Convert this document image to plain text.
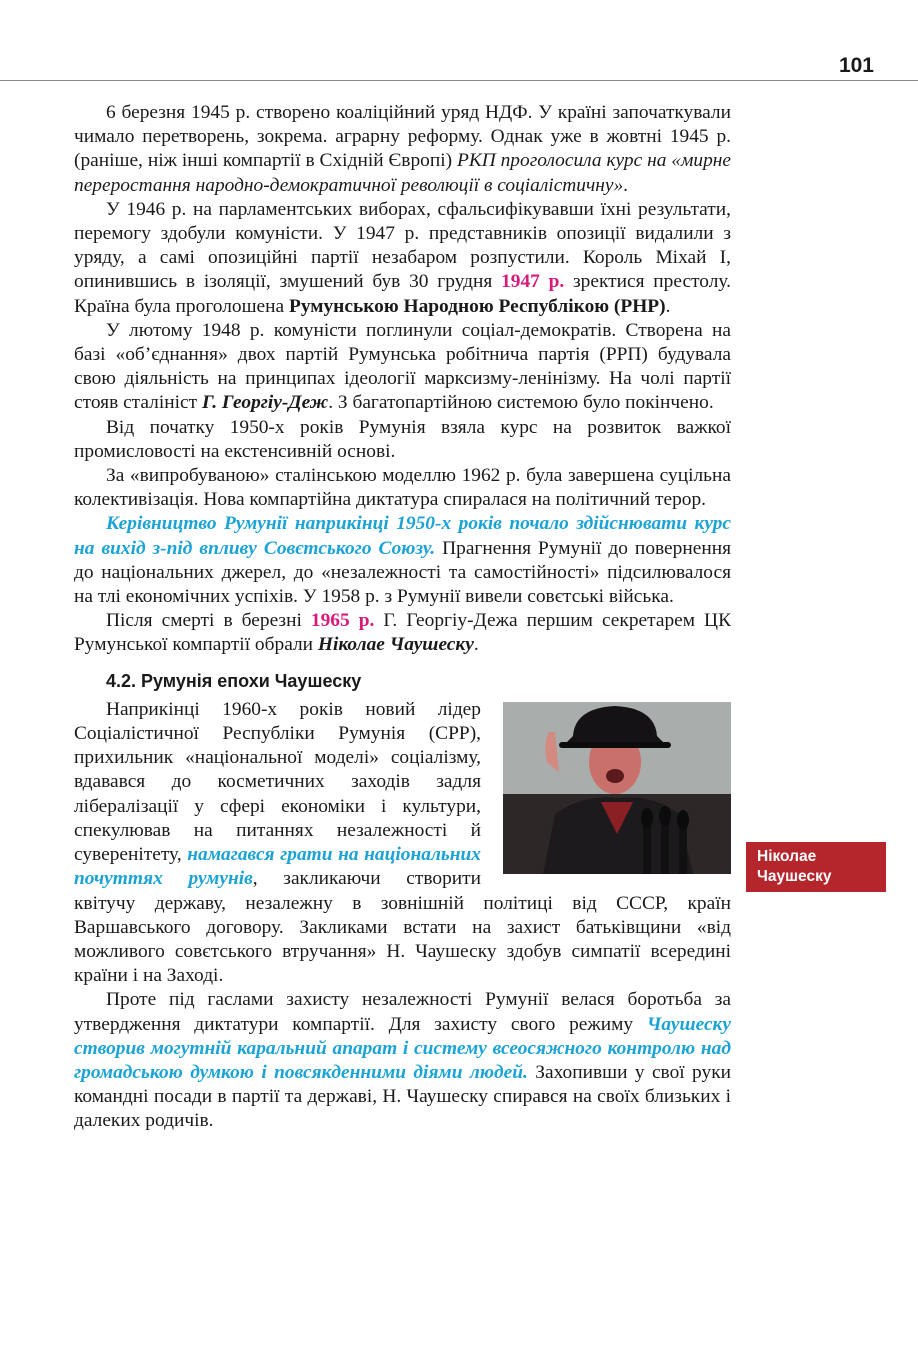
101

6 березня 1945 р. створено коаліційний уряд НДФ. У країні започаткували чимало перетворень, зокрема. аграрну реформу. Однак уже в жовтні 1945 р. (раніше, ніж інші компартії в Східній Європі) РКП проголосила курс на «мирне переростання народно-демократичної революції в соціалістичну».

У 1946 р. на парламентських виборах, сфальсифікувавши їхні результати, перемогу здобули комуністи. У 1947 р. представників опозиції видалили з уряду, а самі опозиційні партії незабаром розпустили. Король Міхай І, опинившись в ізоляції, змушений був 30 грудня 1947 р. зректися престолу. Країна була проголошена Румунською Народною Республікою (РНР).

У лютому 1948 р. комуністи поглинули соціал-демократів. Створена на базі «об’єднання» двох партій Румунська робітнича партія (РРП) будувала свою діяльність на принципах ідеології марксизму-ленінізму. На чолі партії стояв сталініст Г. Георгіу-Деж. З багатопартійною системою було покінчено.

Від початку 1950-х років Румунія взяла курс на розвиток важкої промисловості на екстенсивній основі.

За «випробуваною» сталінською моделлю 1962 р. була завершена суцільна колективізація. Нова компартійна диктатура спиралася на політичний терор.

Керівництво Румунії наприкінці 1950-х років почало здійснювати курс на вихід з-під впливу Совєтського Союзу. Прагнення Румунії до повернення до національних джерел, до «незалежності та самостійності» підсилювалося на тлі економічних успіхів. У 1958 р. з Румунії вивели совєтські війська.

Після смерті в березні 1965 р. Г. Георгіу-Дежа першим секретарем ЦК Румунської компартії обрали Ніколае Чаушеску.

4.2. Румунія епохи Чаушеску

Наприкінці 1960-х років новий лідер Соціалістичної Республіки Румунія (СРР), прихильник «національної моделі» соціалізму, вдавався до косметичних заходів задля лібералізації у сфері економіки і культури, спекулював на питаннях незалежності й суверенітету, намагався грати на національних почуттях румунів, закликаючи створити квітучу державу, незалежну в зовнішній політиці від СССР, країн Варшавського договору. Закликами встати на захист батьківщини «від можливого совєтського втручання» Н. Чаушеску здобув симпатії всередині країни і на Заході.

Проте під гаслами захисту незалежності Румунії велася боротьба за утвердження диктатури компартії. Для захисту свого режиму Чаушеску створив могутній каральний апарат і систему всеосяжного контролю над громадською думкою і повсякденними діями людей. Захопивши у свої руки командні посади в партії та державі, Н. Чаушеску спирався на своїх близьких і далеких родичів.

Ніколае Чаушеску
